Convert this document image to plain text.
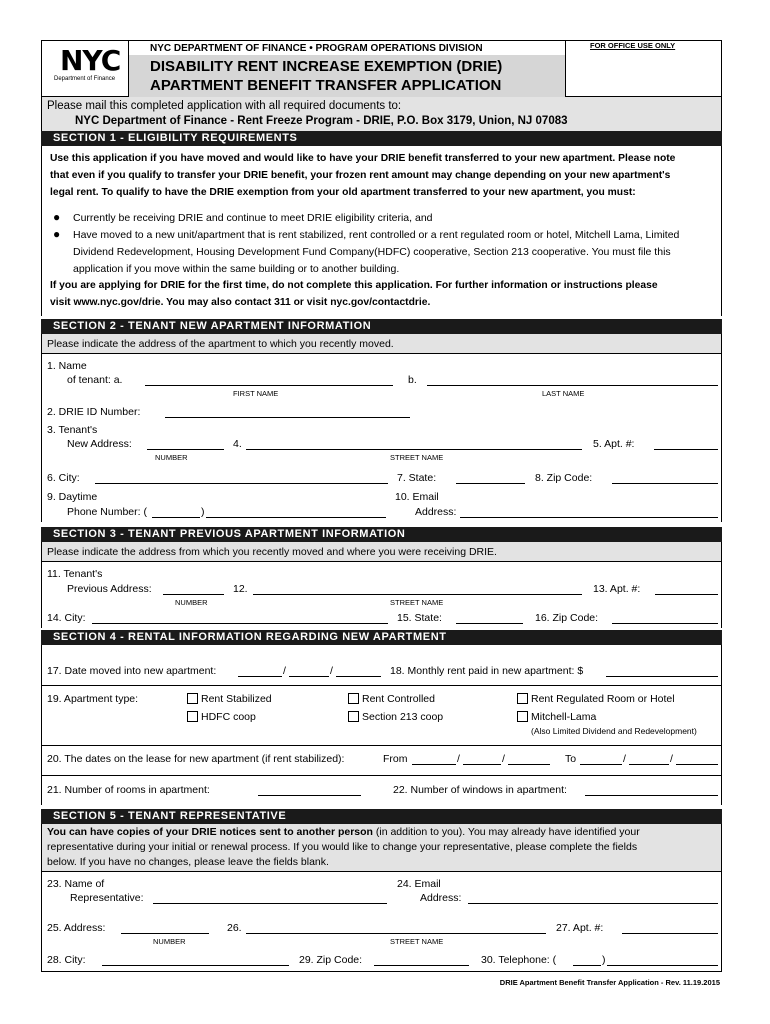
NYC
Department of Finance
NYC DEPARTMENT OF FINANCE • PROGRAM OPERATIONS DIVISION
DISABILITY RENT INCREASE EXEMPTION (DRIE)
APARTMENT BENEFIT TRANSFER APPLICATION
FOR OFFICE USE ONLY
Please mail this completed application with all required documents to:
NYC Department of Finance - Rent Freeze Program - DRIE, P.O. Box 3179, Union, NJ 07083
SECTION 1 - ELIGIBILITY REQUIREMENTS
Use this application if you have moved and would like to have your DRIE benefit transferred to your new apartment. Please note
that even if you qualify to transfer your DRIE benefit, your frozen rent amount may change depending on your new apartment's
legal rent. To qualify to have the DRIE exemption from your old apartment transferred to your new apartment, you must:
● Currently be receiving DRIE and continue to meet DRIE eligibility criteria, and
● Have moved to a new unit/apartment that is rent stabilized, rent controlled or a rent regulated room or hotel, Mitchell Lama, Limited
Dividend Redevelopment, Housing Development Fund Company(HDFC) cooperative, Section 213 cooperative. You must file this
application if you move within the same building or to another building.
If you are applying for DRIE for the first time, do not complete this application. For further information or instructions please
visit www.nyc.gov/drie. You may also contact 311 or visit nyc.gov/contactdrie.
SECTION 2 - TENANT NEW APARTMENT INFORMATION
Please indicate the address of the apartment to which you recently moved.
1. Name
of tenant: a.
FIRST NAME
b.
LAST NAME
2. DRIE ID Number:
3. Tenant's
New Address:
NUMBER
4.
STREET NAME
5. Apt. #:
6. City:	7. State:	8. Zip Code:
9. Daytime
Phone Number: (	)
10. Email
Address:
SECTION 3 - TENANT PREVIOUS APARTMENT INFORMATION
Please indicate the address from which you recently moved and where you were receiving DRIE.
11. Tenant's
Previous Address:
NUMBER
12.
STREET NAME
13. Apt. #:
14. City:	15. State:	16. Zip Code:
SECTION 4 - RENTAL INFORMATION REGARDING NEW APARTMENT
17. Date moved into new apartment:	/	/	18. Monthly rent paid in new apartment: $
19. Apartment type:	Rent Stabilized	Rent Controlled	Rent Regulated Room or Hotel
HDFC coop	Section 213 coop	Mitchell-Lama
(Also Limited Dividend and Redevelopment)
20. The dates on the lease for new apartment (if rent stabilized):	From	/	/	To	/	/
21. Number of rooms in apartment:	22. Number of windows in apartment:
SECTION 5 - TENANT REPRESENTATIVE
You can have copies of your DRIE notices sent to another person (in addition to you). You may already have identified your
representative during your initial or renewal process. If you would like to change your representative, please complete the fields
below. If you have no changes, please leave the fields blank.
23. Name of
Representative:
24. Email
Address:
25. Address:
NUMBER
26.
STREET NAME
27. Apt. #:
28. City:	29. Zip Code:	30. Telephone: (	)
DRIE Apartment Benefit Transfer Application - Rev. 11.19.2015
